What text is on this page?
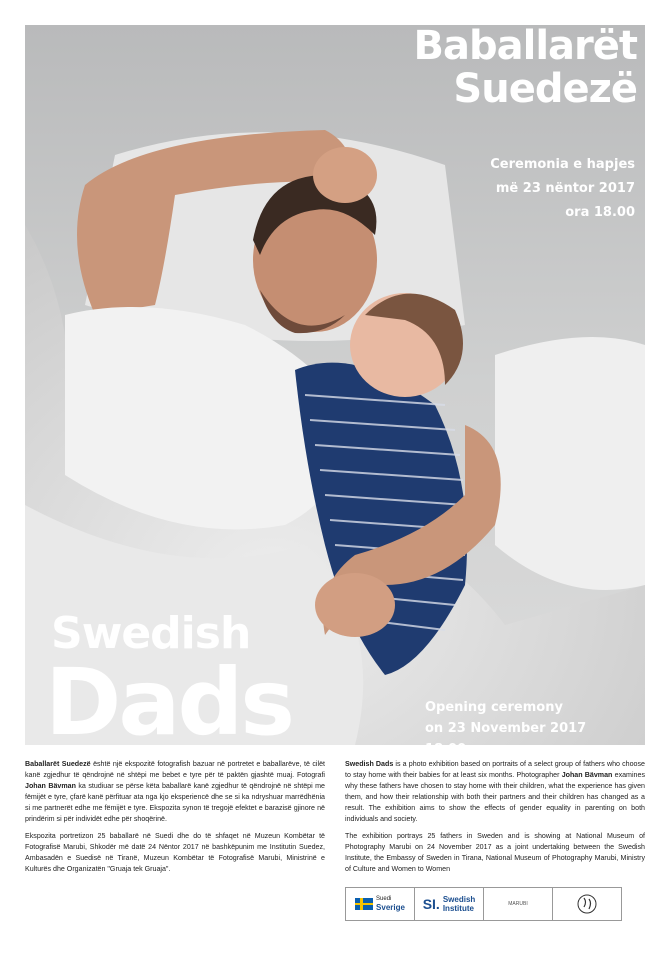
Baballarët
Suedezë
Ceremonia e hapjes
më 23 nëntor 2017
ora 18.00
Swedish
Dads	Opening ceremony
on 23 November 2017
18.00

Baballarët Suedezë është një ekspozitë fotografish bazuar në portretet e baballarëve, të cilët kanë zgjedhur të qëndrojnë në shtëpi me bebet e tyre për të paktën gjashtë muaj. Fotografi Johan Bävman ka studiuar se përse këta baballarë kanë zgjedhur të qëndrojnë në shtëpi me fëmijët e tyre, çfarë kanë përfituar ata nga kjo eksperiencë dhe se si ka ndryshuar marrëdhënia si me partnerët edhe me fëmijët e tyre. Ekspozita synon të tregojë efektet e barazisë gjinore në prindërim si për individët edhe për shoqërinë.

Ekspozita portretizon 25 baballarë në Suedi dhe do të shfaqet në Muzeun Kombëtar të Fotografisë Marubi, Shkodër më datë 24 Nëntor 2017 në bashkëpunim me Institutin Suedez, Ambasadën e Suedisë në Tiranë, Muzeun Kombëtar të Fotografisë Marubi, Ministrinë e Kulturës dhe Organizatën "Gruaja tek Gruaja".

Swedish Dads is a photo exhibition based on portraits of a select group of fathers who choose to stay home with their babies for at least six months. Photographer Johan Bävman examines why these fathers have chosen to stay home with their children, what the experience has given them, and how their relationship with both their partners and their children has changed as a result. The exhibition aims to show the effects of gender equality in parenting on both individuals and society.

The exhibition portrays 25 fathers in Sweden and is showing at National Museum of Photography Marubi on 24 November 2017 as a joint undertaking between the Swedish Institute, the Embassy of Sweden in Tirana, National Museum of Photography Marubi, Ministry of Culture and Women to Women

Suedi
Sverige SI. Swedish
Institute	MARUBI
